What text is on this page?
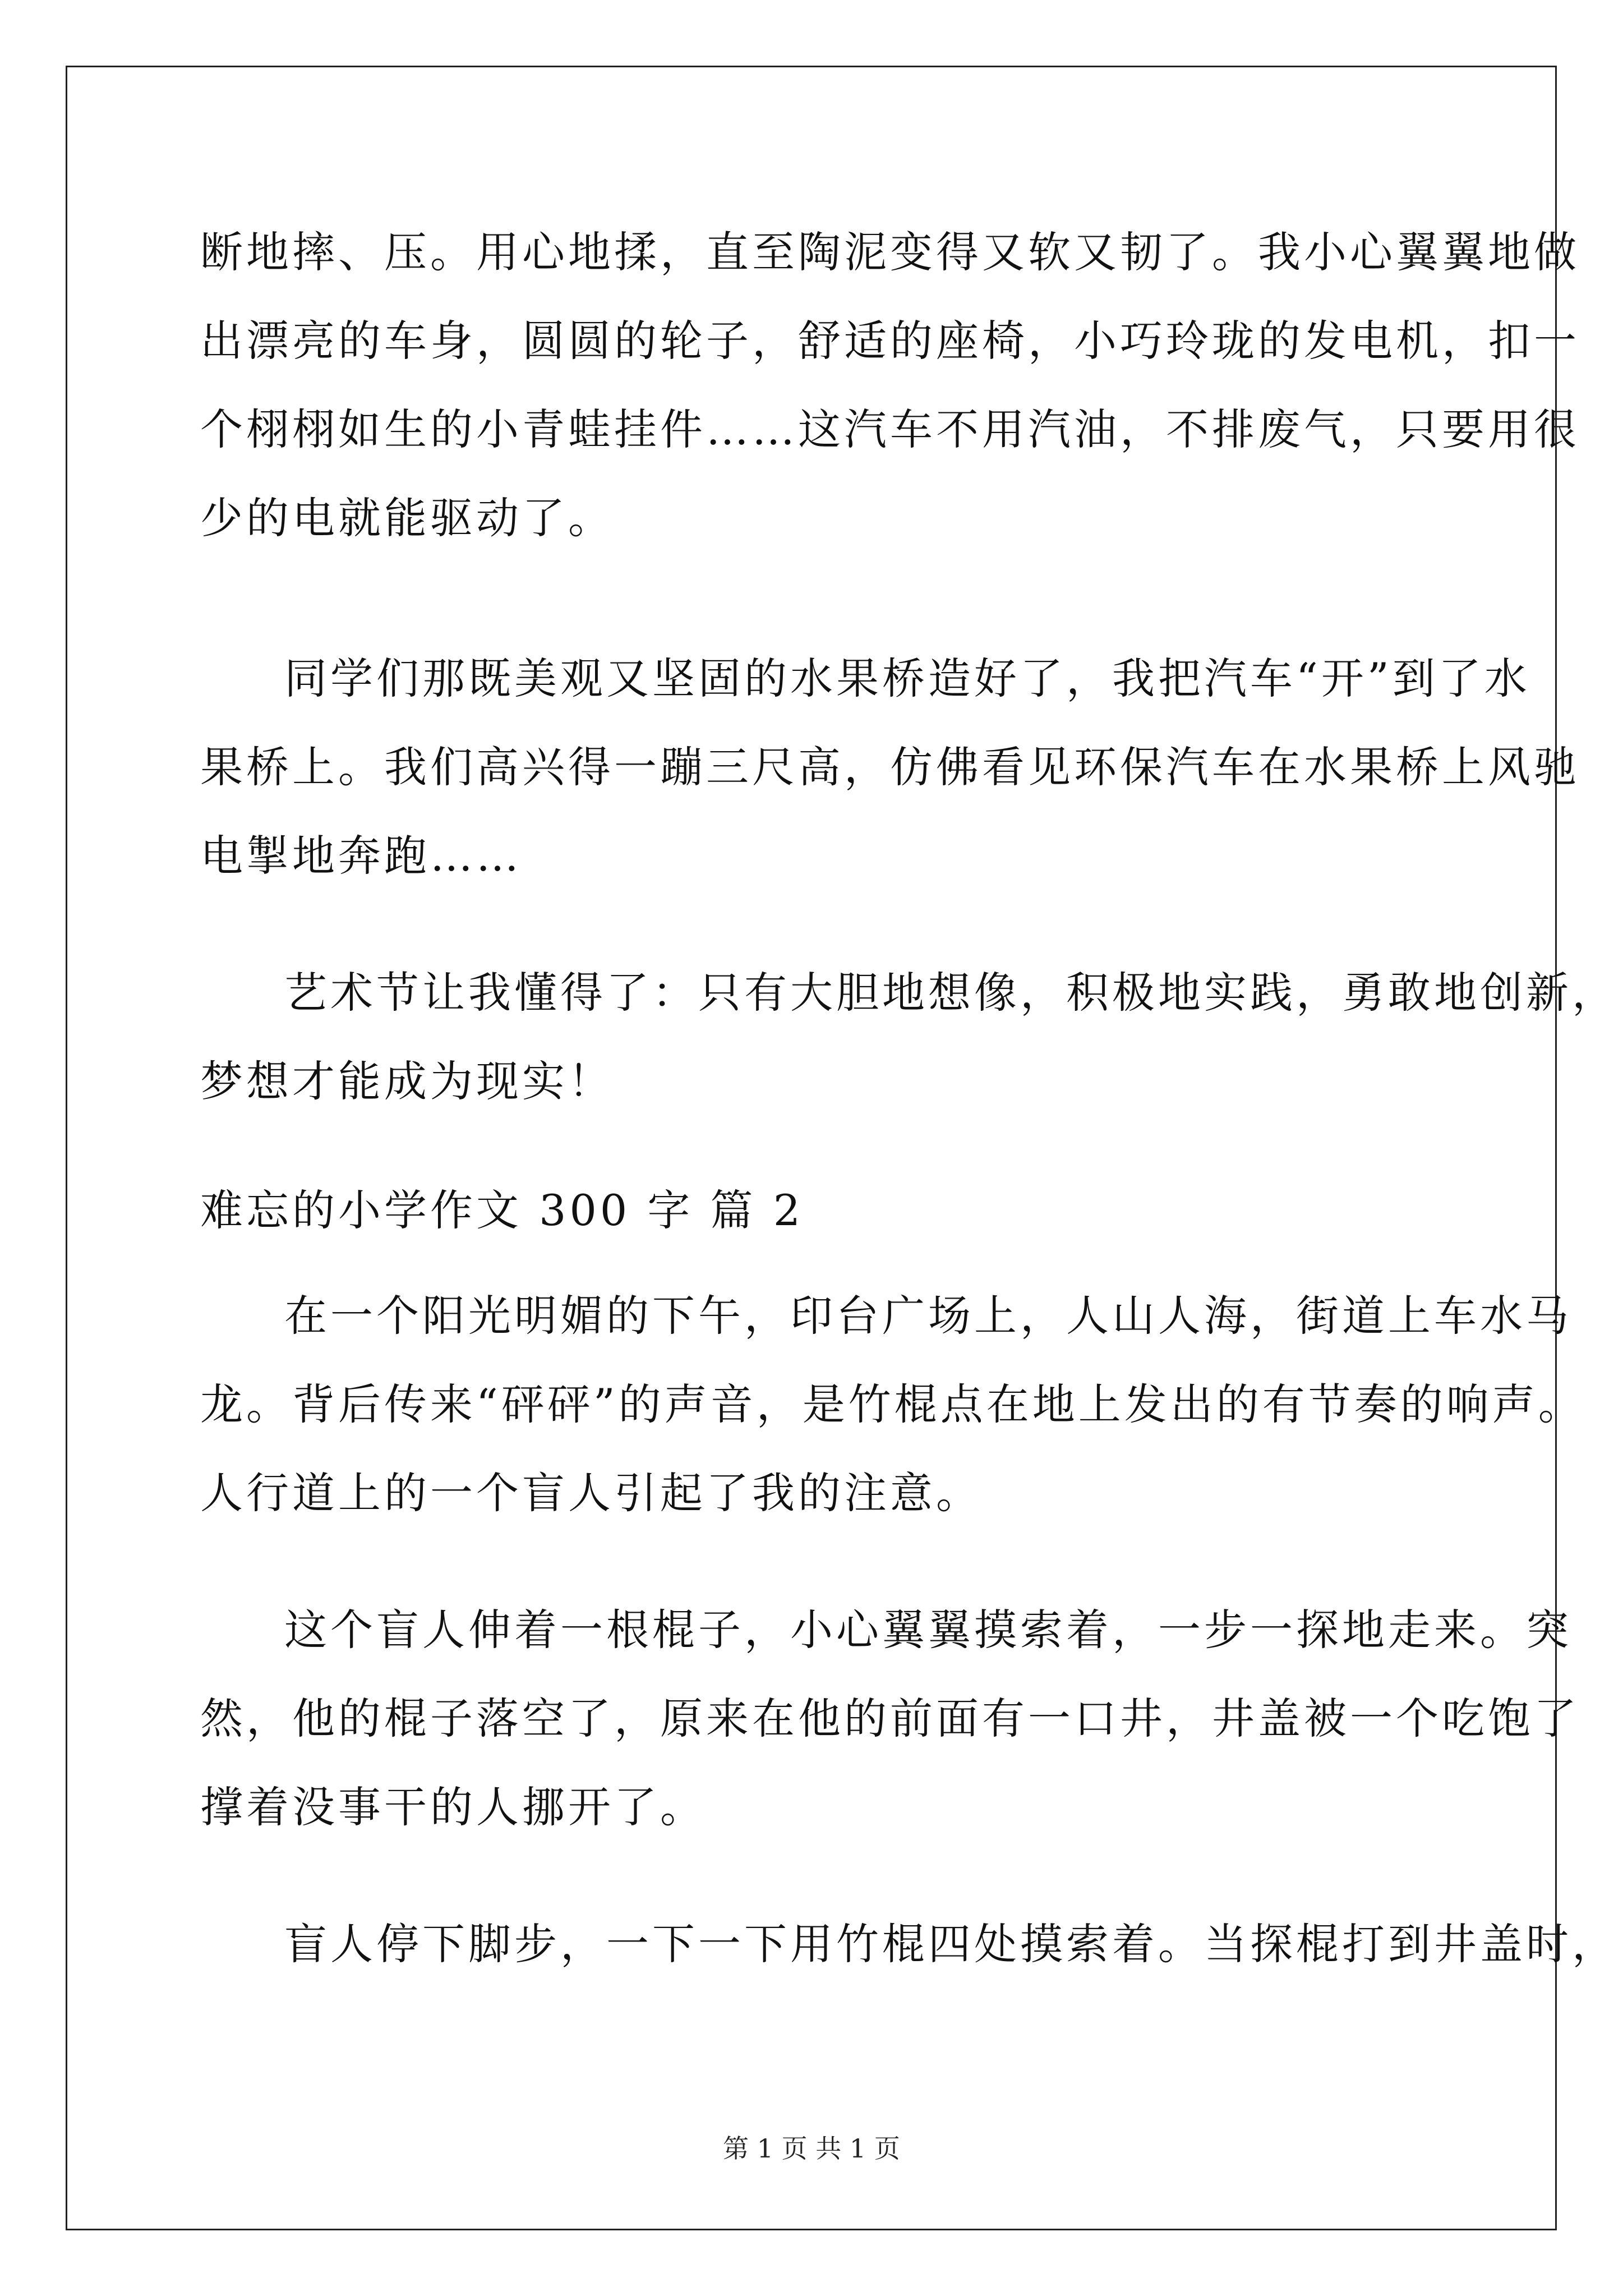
断地摔、压。用心地揉，直至陶泥变得又软又韧了。我小心翼翼地做
出漂亮的车身，圆圆的轮子，舒适的座椅，小巧玲珑的发电机，扣一
个栩栩如生的小青蛙挂件……这汽车不用汽油，不排废气，只要用很
少的电就能驱动了。
同学们那既美观又坚固的水果桥造好了，我把汽车“开”到了水
果桥上。我们高兴得一蹦三尺高，仿佛看见环保汽车在水果桥上风驰
电掣地奔跑……
艺术节让我懂得了：只有大胆地想像，积极地实践，勇敢地创新，
梦想才能成为现实！
难忘的小学作文 300 字 篇 2
在一个阳光明媚的下午，印台广场上，人山人海，街道上车水马
龙。背后传来“砰砰”的声音，是竹棍点在地上发出的有节奏的响声。
人行道上的一个盲人引起了我的注意。
这个盲人伸着一根棍子，小心翼翼摸索着，一步一探地走来。突
然，他的棍子落空了，原来在他的前面有一口井，井盖被一个吃饱了
撑着没事干的人挪开了。
盲人停下脚步，一下一下用竹棍四处摸索着。当探棍打到井盖时，
第 1 页 共 1 页
